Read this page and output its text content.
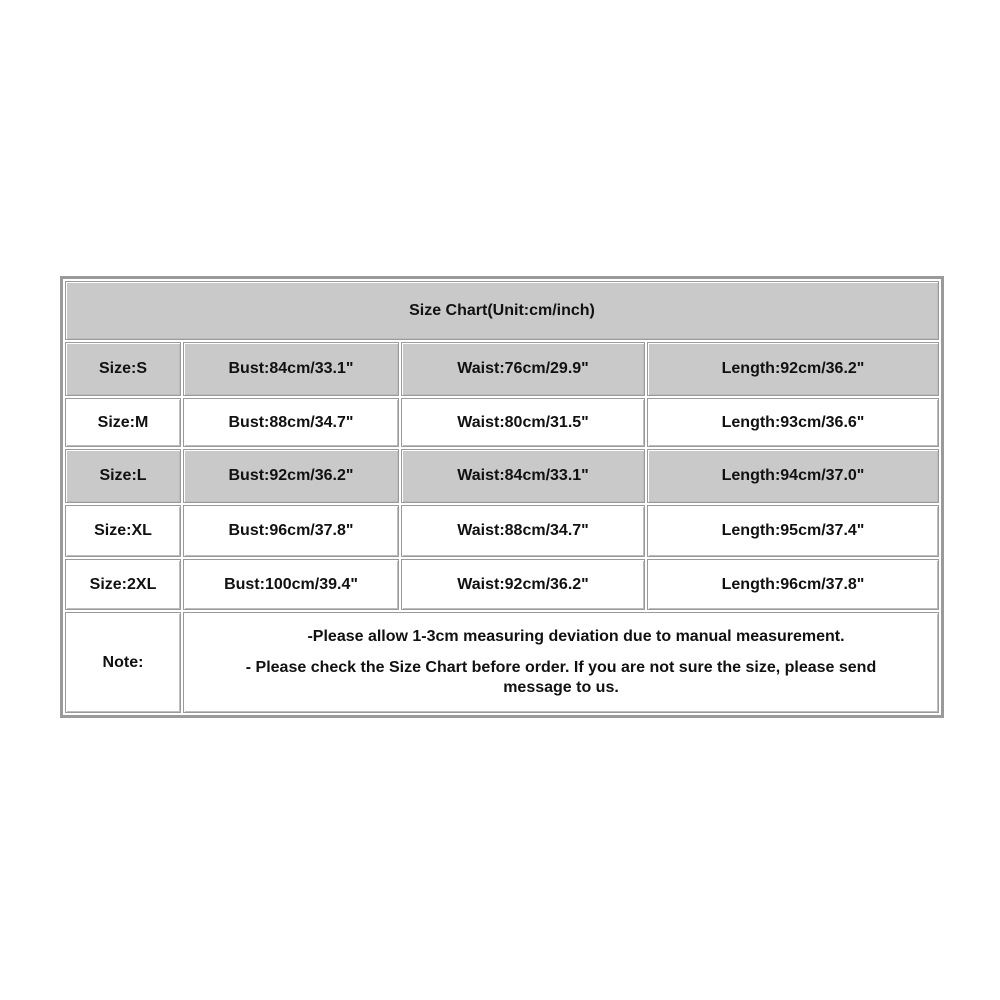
Size Chart(Unit:cm/inch)
Size:S	Bust:84cm/33.1"	Waist:76cm/29.9"	Length:92cm/36.2"
Size:M	Bust:88cm/34.7"	Waist:80cm/31.5"	Length:93cm/36.6"
Size:L	Bust:92cm/36.2"	Waist:84cm/33.1"	Length:94cm/37.0"
Size:XL	Bust:96cm/37.8"	Waist:88cm/34.7"	Length:95cm/37.4"
Size:2XL	Bust:100cm/39.4"	Waist:92cm/36.2"	Length:96cm/37.8"
Note:
-Please allow 1-3cm measuring deviation due to manual measurement.
- Please check the Size Chart before order. If you are not sure the size, please send message to us.
